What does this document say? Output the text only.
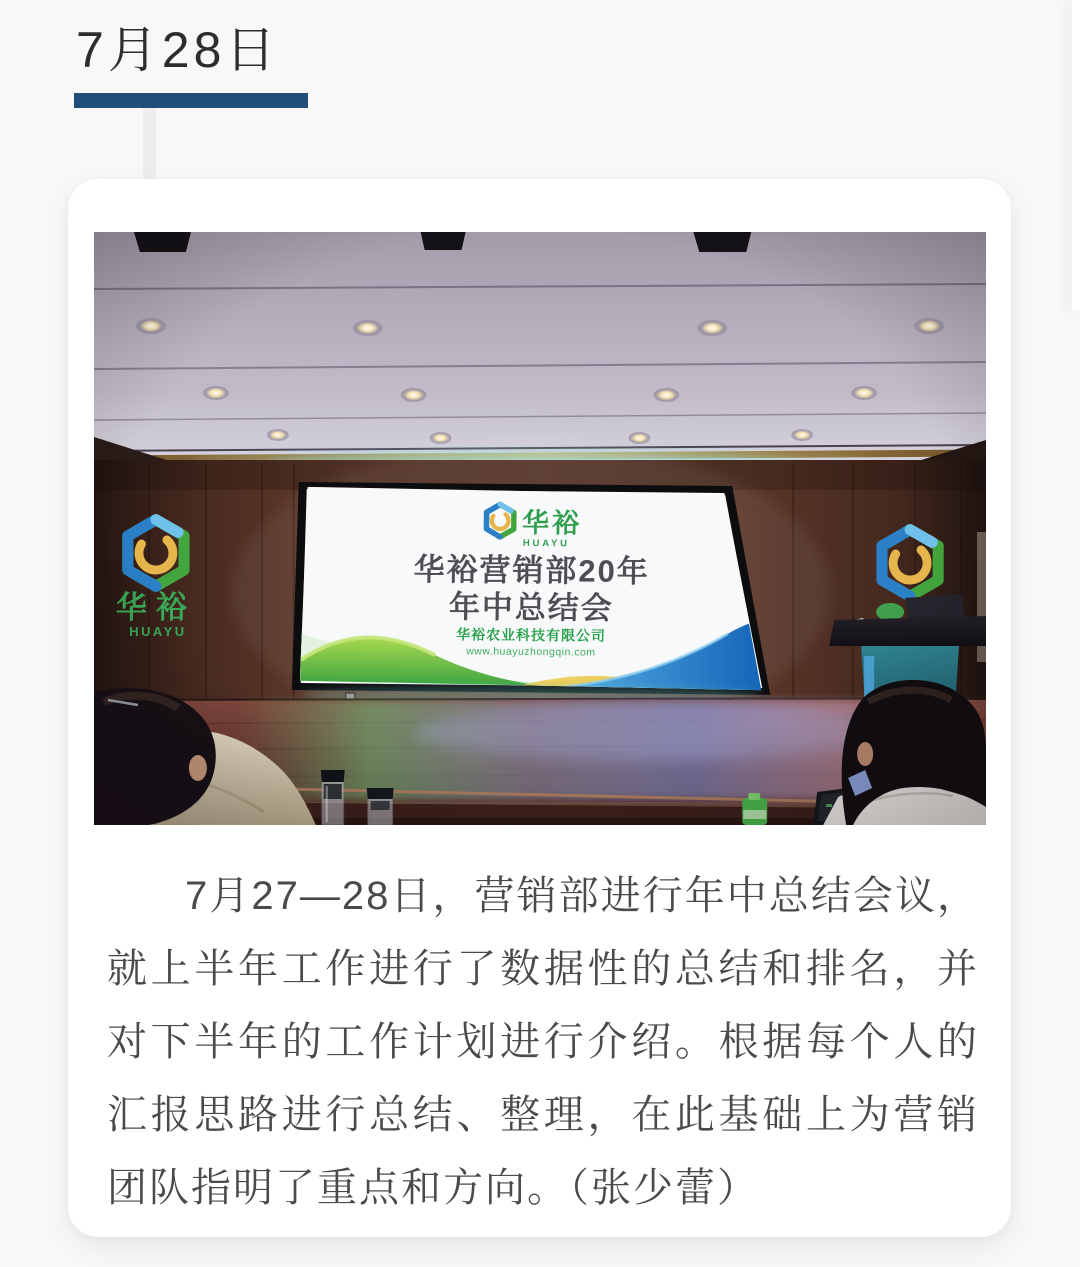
7月28日

7月27—28日，营销部进行年中总结会议，就上半年工作进行了数据性的总结和排名，并对下半年的工作计划进行介绍。根据每个人的汇报思路进行总结、整理，在此基础上为营销团队指明了重点和方向。（张少蕾）
